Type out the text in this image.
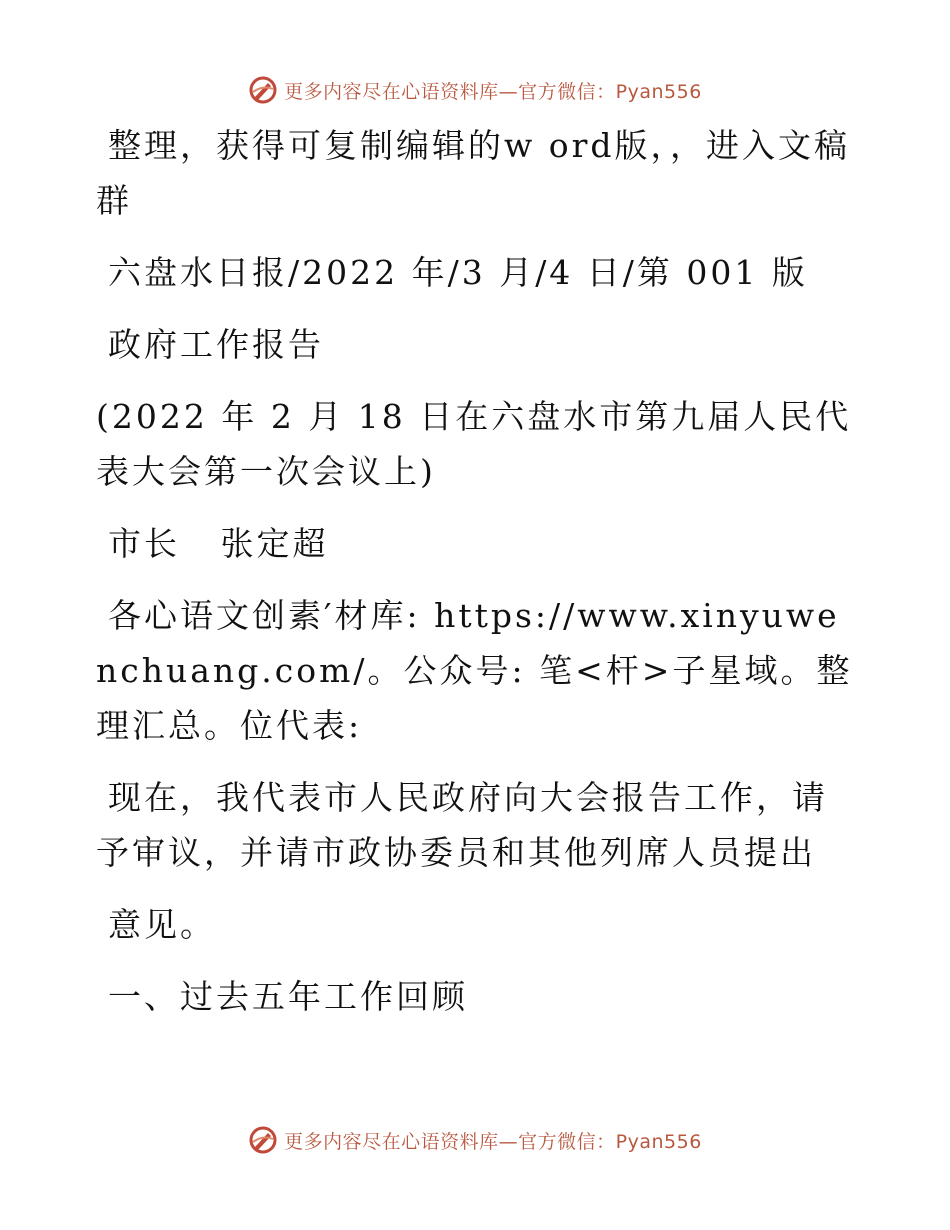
更多内容尽在心语资料库—官方微信：Pyan556

整理，获得可复制编辑的w ord版，，进入文稿群

六盘水日报/2022 年/3 月/4 日/第 001 版

政府工作报告

(2022 年 2 月 18 日在六盘水市第九届人民代表大会第一次会议上)

市长   张定超

各心语文创素′材库: https://www.xinyuwenchuang.com/。公众号: 笔<杆>子星域。整理汇总。位代表:

现在，我代表市人民政府向大会报告工作，请予审议，并请市政协委员和其他列席人员提出

意见。

一、过去五年工作回顾

更多内容尽在心语资料库—官方微信：Pyan556
